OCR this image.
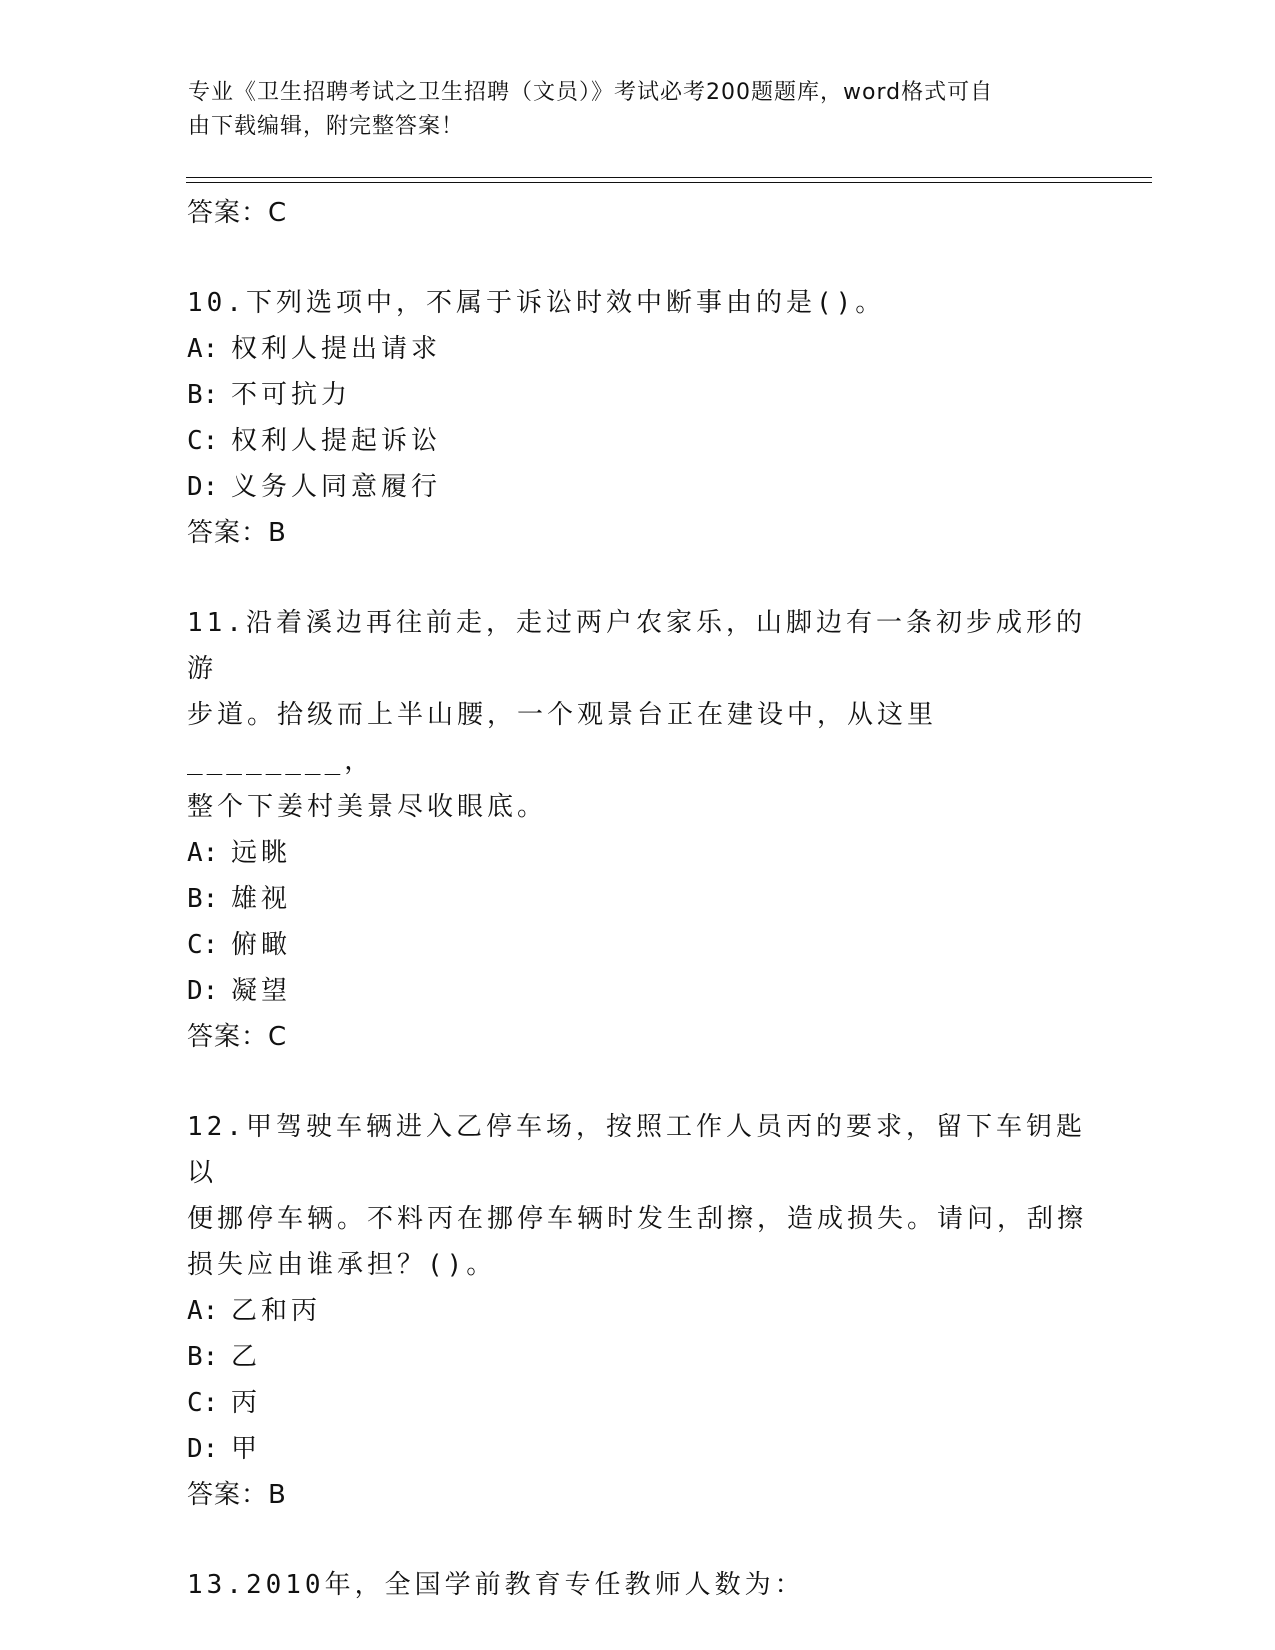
专业《卫生招聘考试之卫生招聘（文员）》考试必考200题题库，word格式可自
由下载编辑，附完整答案！
答案：C
10.下列选项中，不属于诉讼时效中断事由的是()。
A: 权利人提出请求
B: 不可抗力
C: 权利人提起诉讼
D: 义务人同意履行
答案：B
11.沿着溪边再往前走，走过两户农家乐，山脚边有一条初步成形的游
步道。拾级而上半山腰，一个观景台正在建设中，从这里________，
整个下姜村美景尽收眼底。
A: 远眺
B: 雄视
C: 俯瞰
D: 凝望
答案：C
12.甲驾驶车辆进入乙停车场，按照工作人员丙的要求，留下车钥匙以
便挪停车辆。不料丙在挪停车辆时发生刮擦，造成损失。请问，刮擦
损失应由谁承担？()。
A: 乙和丙
B: 乙
C: 丙
D: 甲
答案：B
13.2010年，全国学前教育专任教师人数为：
